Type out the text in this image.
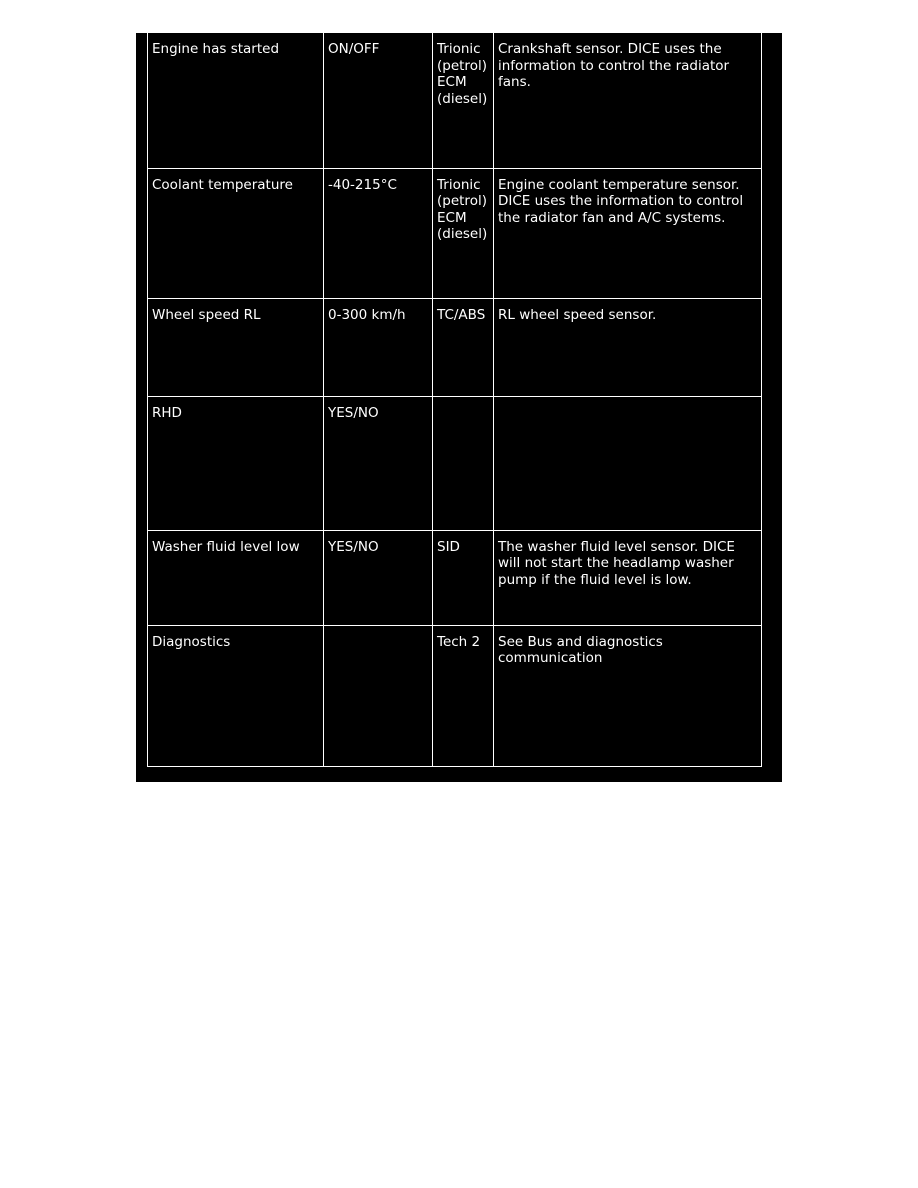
Engine has started	ON/OFF	Trionic (petrol) ECM (diesel)	Crankshaft sensor. DICE uses the information to control the radiator fans.
Coolant temperature	-40-215°C	Trionic (petrol) ECM (diesel)	Engine coolant temperature sensor. DICE uses the information to control the radiator fan and A/C systems.
Wheel speed RL	0-300 km/h	TC/ABS	RL wheel speed sensor.
RHD	YES/NO		
Washer fluid level low	YES/NO	SID	The washer fluid level sensor. DICE will not start the headlamp washer pump if the fluid level is low.
Diagnostics		Tech 2	See Bus and diagnostics communication
